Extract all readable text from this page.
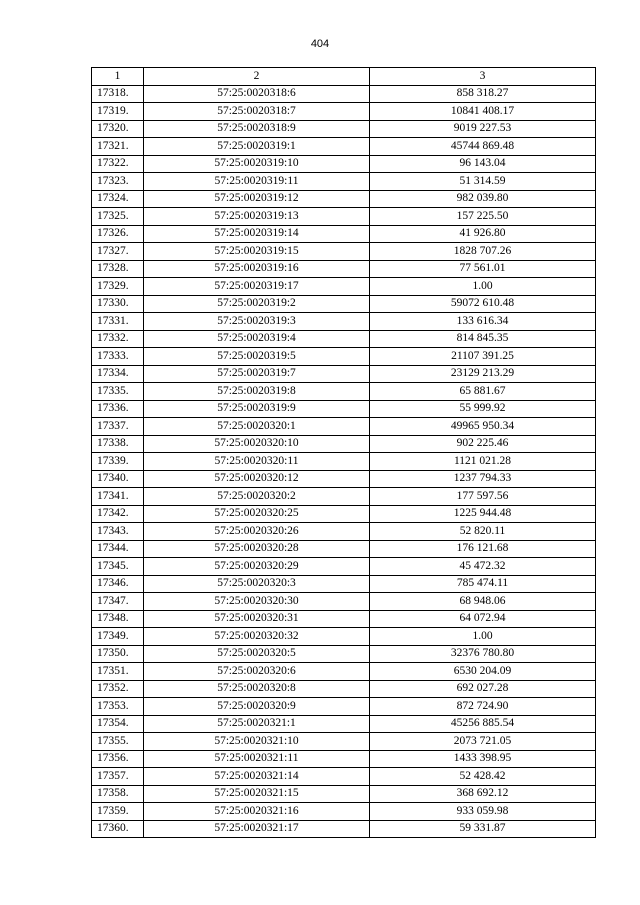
404
1	2	3
17318.	57:25:0020318:6	858 318.27
17319.	57:25:0020318:7	10841 408.17
17320.	57:25:0020318:9	9019 227.53
17321.	57:25:0020319:1	45744 869.48
17322.	57:25:0020319:10	96 143.04
17323.	57:25:0020319:11	51 314.59
17324.	57:25:0020319:12	982 039.80
17325.	57:25:0020319:13	157 225.50
17326.	57:25:0020319:14	41 926.80
17327.	57:25:0020319:15	1828 707.26
17328.	57:25:0020319:16	77 561.01
17329.	57:25:0020319:17	1.00
17330.	57:25:0020319:2	59072 610.48
17331.	57:25:0020319:3	133 616.34
17332.	57:25:0020319:4	814 845.35
17333.	57:25:0020319:5	21107 391.25
17334.	57:25:0020319:7	23129 213.29
17335.	57:25:0020319:8	65 881.67
17336.	57:25:0020319:9	55 999.92
17337.	57:25:0020320:1	49965 950.34
17338.	57:25:0020320:10	902 225.46
17339.	57:25:0020320:11	1121 021.28
17340.	57:25:0020320:12	1237 794.33
17341.	57:25:0020320:2	177 597.56
17342.	57:25:0020320:25	1225 944.48
17343.	57:25:0020320:26	52 820.11
17344.	57:25:0020320:28	176 121.68
17345.	57:25:0020320:29	45 472.32
17346.	57:25:0020320:3	785 474.11
17347.	57:25:0020320:30	68 948.06
17348.	57:25:0020320:31	64 072.94
17349.	57:25:0020320:32	1.00
17350.	57:25:0020320:5	32376 780.80
17351.	57:25:0020320:6	6530 204.09
17352.	57:25:0020320:8	692 027.28
17353.	57:25:0020320:9	872 724.90
17354.	57:25:0020321:1	45256 885.54
17355.	57:25:0020321:10	2073 721.05
17356.	57:25:0020321:11	1433 398.95
17357.	57:25:0020321:14	52 428.42
17358.	57:25:0020321:15	368 692.12
17359.	57:25:0020321:16	933 059.98
17360.	57:25:0020321:17	59 331.87
